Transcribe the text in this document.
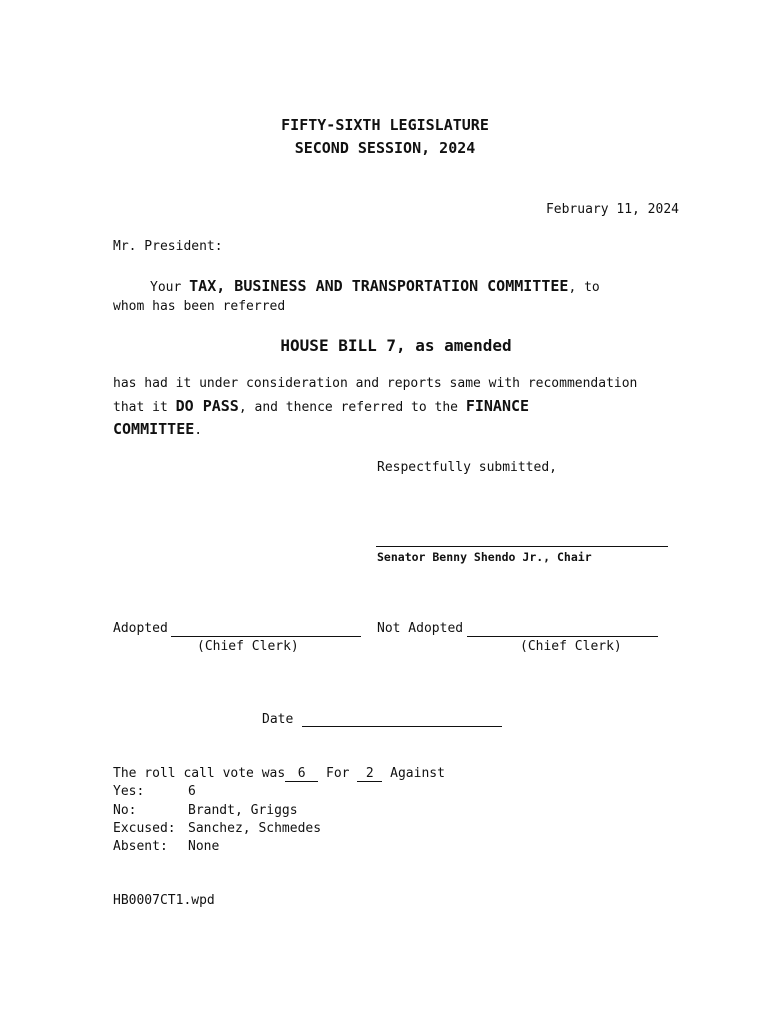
FIFTY-SIXTH LEGISLATURE
SECOND SESSION, 2024
February 11, 2024
Mr. President:
Your TAX, BUSINESS AND TRANSPORTATION COMMITTEE, to
whom has been referred
HOUSE BILL 7, as amended
has had it under consideration and reports same with recommendation
that it DO PASS, and thence referred to the FINANCE
COMMITTEE.
Respectfully submitted,
Senator Benny Shendo Jr., Chair
Adopted
(Chief Clerk)
Not Adopted
(Chief Clerk)
Date
The roll call vote was 6 For 2 Against
Yes:	6
No:	Brandt, Griggs
Excused: Sanchez, Schmedes
Absent: None
HB0007CT1.wpd
